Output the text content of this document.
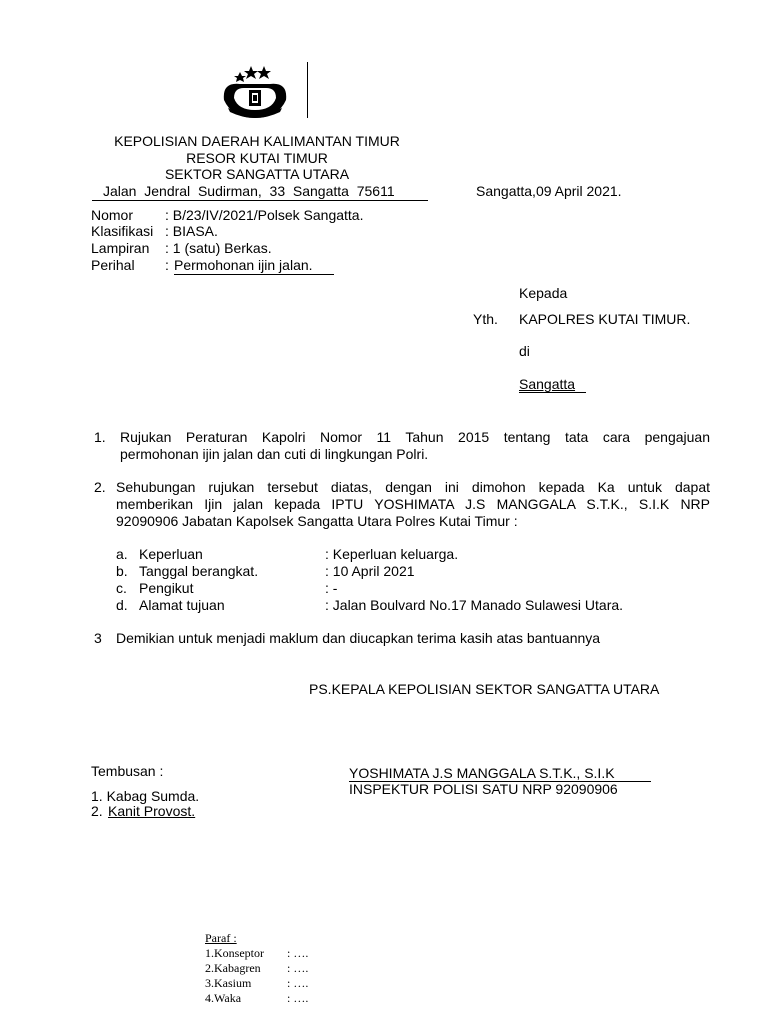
KEPOLISIAN DAERAH KALIMANTAN TIMUR
RESOR KUTAI TIMUR
SEKTOR SANGATTA UTARA
Jalan  Jendral  Sudirman,  33  Sangatta  75611	Sangatta,09 April 2021.
Nomor : B/23/IV/2021/Polsek Sangatta.
Klasifikasi : BIASA.
Lampiran : 1 (satu) Berkas.
Perihal : Permohonan ijin jalan.
Kepada
Yth. KAPOLRES KUTAI TIMUR.
di
Sangatta
1. Rujukan Peraturan Kapolri Nomor 11 Tahun 2015 tentang tata cara pengajuan
permohonan ijin jalan dan cuti di lingkungan Polri.
2. Sehubungan rujukan tersebut diatas, dengan ini dimohon kepada Ka untuk dapat
memberikan Ijin jalan kepada IPTU YOSHIMATA J.S MANGGALA S.T.K., S.I.K NRP
92090906 Jabatan Kapolsek Sangatta Utara Polres Kutai Timur :
a. Keperluan	: Keperluan keluarga.
b. Tanggal berangkat.	: 10 April 2021
c. Pengikut	: -
d. Alamat tujuan	: Jalan Boulvard No.17 Manado Sulawesi Utara.
3 Demikian untuk menjadi maklum dan diucapkan terima kasih atas bantuannya
PS.KEPALA KEPOLISIAN SEKTOR SANGATTA UTARA
YOSHIMATA J.S MANGGALA S.T.K., S.I.K
INSPEKTUR POLISI SATU NRP 92090906
Tembusan :
1. Kabag Sumda.
2. Kanit Provost.
Paraf :
1.Konseptor : ….
2.Kabagren : ….
3.Kasium	: ….
4.Waka	: ….
